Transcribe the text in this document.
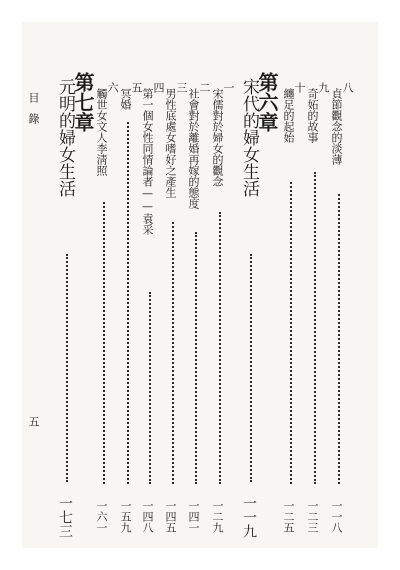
八
貞節觀念的淡薄
一一八
九
奇妬的故事
一二三
十
纏足的起始
一二五
第六章
宋代的婦女生活
一一九
一
宋儒對於婦女的觀念
一二九
二
社會對於離婚再嫁的態度
一四一
三
男性底處女嗜好之產生
一四五
四
第一個女性同情論者——袁采
一四八
五
冥婚
一五九
六
觸世女文人李淸照
一六一
第七章
元明的婦女生活
一七三
目錄
五
